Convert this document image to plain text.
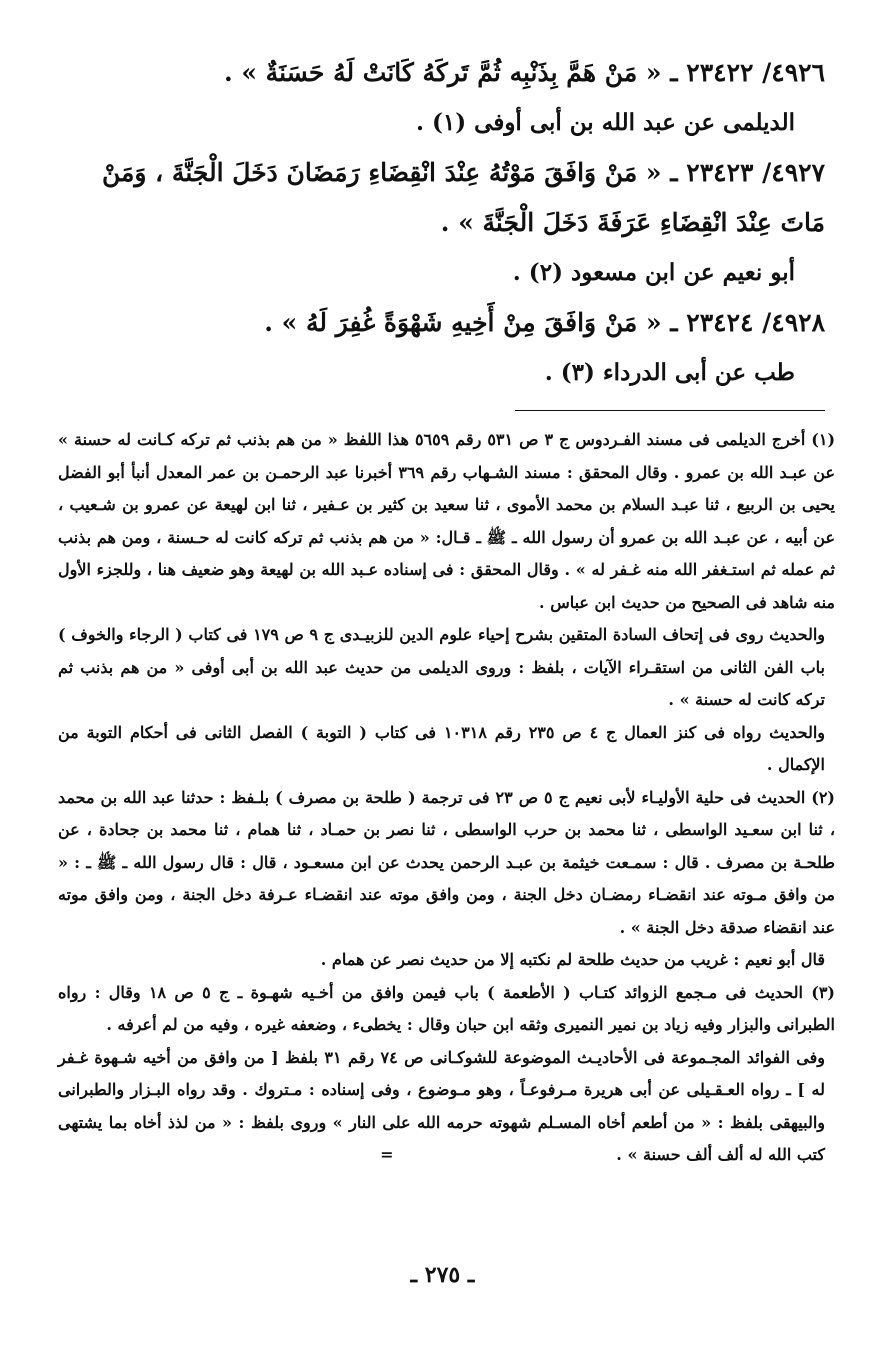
٤٩٢٦/ ٢٣٤٢٢ ـ « مَنْ هَمَّ بِذَنْبِه ثُمَّ تَركَهُ كَانَتْ لَهُ حَسَنَةٌ » .

الديلمى عن عبد الله بن أبى أوفى (١) .

٤٩٢٧/ ٢٣٤٢٣ ـ « مَنْ وَافَقَ مَوْتُهُ عِنْدَ انْقِضَاءِ رَمَضَانَ دَخَلَ الْجَنَّةَ ، وَمَنْ مَاتَ عِنْدَ انْقِضَاءِ عَرَفَةَ دَخَلَ الْجَنَّةَ » .

أبو نعيم عن ابن مسعود (٢) .

٤٩٢٨/ ٢٣٤٢٤ ـ « مَنْ وَافَقَ مِنْ أَخِيهِ شَهْوَةً غُفِرَ لَهُ » .

طب عن أبى الدرداء (٣) .

(١) أخرج الديلمى فى مسند الفـردوس ج ٣ ص ٥٣١ رقم ٥٦٥٩ هذا اللفظ « من هم بذنب ثم تركه كـانت له حسنة » عن عبـد الله بن عمرو . وقال المحقق : مسند الشـهاب رقم ٣٦٩ أخبرنا عبد الرحمـن بن عمر المعدل أنبأ أبو الفضل يحيى بن الربيع ، ثنا عبـد السلام بن محمد الأموى ، ثنا سعيد بن كثير بن عـفير ، ثنا ابن لهيعة عن عمرو بن شـعيب ، عن أبيه ، عن عبـد الله بن عمرو أن رسول الله ـ ﷺ ـ قـال: « من هم بذنب ثم تركه كانت له حـسنة ، ومن هم بذنب ثم عمله ثم استـغفر الله منه غـفر له » . وقال المحقق : فى إسناده عـبد الله بن لهيعة وهو ضعيف هنا ، وللجزء الأول منه شاهد فى الصحيح من حديث ابن عباس .

والحديث روى فى إتحاف السادة المتقين بشرح إحياء علوم الدين للزبيـدى ج ٩ ص ١٧٩ فى كتاب ( الرجاء والخوف ) باب الفن الثانى من استقـراء الآيات ، بلفظ : وروى الديلمى من حديث عبد الله بن أبى أوفى « من هم بذنب ثم تركه كانت له حسنة » .

والحديث رواه فى كنز العمال ج ٤ ص ٢٣٥ رقم ١٠٣١٨ فى كتاب ( التوبة ) الفصل الثانى فى أحكام التوبة من الإكمال .

(٢) الحديث فى حلية الأوليـاء لأبى نعيم ج ٥ ص ٢٣ فى ترجمة ( طلحة بن مصرف ) بلـفظ : حدثنا عبد الله بن محمد ، ثنا ابن سعـيد الواسطى ، ثنا محمد بن حرب الواسطى ، ثنا نصر بن حمـاد ، ثنا همام ، ثنا محمد بن جحادة ، عن طلحـة بن مصرف . قال : سمـعت خيثمة بن عبـد الرحمن يحدث عن ابن مسعـود ، قال : قال رسول الله ـ ﷺ ـ : « من وافق مـوته عند انقضـاء رمضـان دخل الجنة ، ومن وافق موته عند انقضـاء عـرفة دخل الجنة ، ومن وافق موته عند انقضاء صدقة دخل الجنة » .

قال أبو نعيم : غريب من حديث طلحة لم نكتبه إلا من حديث نصر عن همام .

(٣) الحديث فى مـجمع الزوائد كتـاب ( الأطعمة ) باب فيمن وافق من أخـيه شهـوة ـ ج ٥ ص ١٨ وقال : رواه الطبرانى والبزار وفيه زياد بن نمير النميرى وثقه ابن حبان وقال : يخطىء ، وضعفه غيره ، وفيه من لم أعرفه .

وفى الفوائد المجـموعة فى الأحاديـث الموضوعة للشوكـانى ص ٧٤ رقم ٣١ بلفظ [ من وافق من أخيه شـهوة غـفر له ] ـ رواه العـقـيلى عن أبى هريرة مـرفوعـاً ، وهو مـوضوع ، وفى إسناده : مـتروك . وقد رواه البـزار والطبرانى والبيهقى بلفظ : « من أطعم أخاه المسـلم شهوته حرمه الله على النار » وروى بلفظ : « من لذذ أخاه بما يشتهى كتب الله له ألف ألف حسنة » .                                        =

ـ ٢٧٥ ـ
